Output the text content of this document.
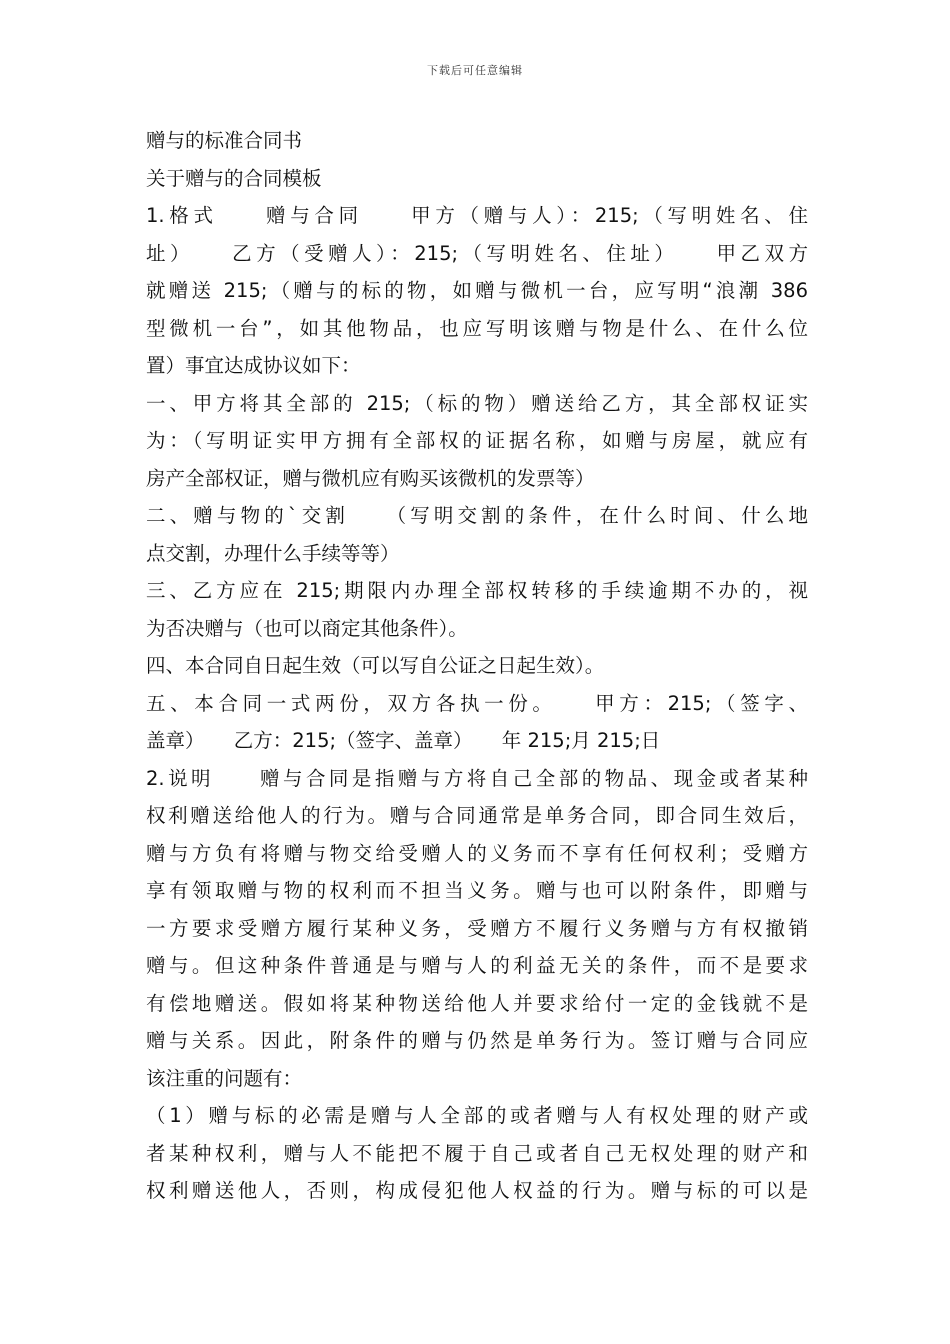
下载后可任意编辑
赠与的标准合同书
关于赠与的合同模板
1.格式　　赠与合同　　甲方（赠与人）：215;（写明姓名、住
址）　　乙方（受赠人）：215;（写明姓名、住址）　　甲乙双方
就赠送 215;（赠与的标的物，如赠与微机一台，应写明“浪潮 386
型微机一台”，如其他物品，也应写明该赠与物是什么、在什么位
置）事宜达成协议如下：
一、甲方将其全部的 215;（标的物）赠送给乙方，其全部权证实
为：（写明证实甲方拥有全部权的证据名称，如赠与房屋，就应有
房产全部权证，赠与微机应有购买该微机的发票等）
二、赠与物的`交割　　（写明交割的条件，在什么时间、什么地
点交割，办理什么手续等等）
三、乙方应在 215;期限内办理全部权转移的手续逾期不办的，视
为否决赠与（也可以商定其他条件）。
四、本合同自日起生效（可以写自公证之日起生效）。
五、本合同一式两份，双方各执一份。　　甲方：215;（签字、
盖章）　　乙方：215;（签字、盖章）　　年 215;月 215;日
2.说明　　赠与合同是指赠与方将自己全部的物品、现金或者某种
权利赠送给他人的行为。赠与合同通常是单务合同，即合同生效后，
赠与方负有将赠与物交给受赠人的义务而不享有任何权利；受赠方
享有领取赠与物的权利而不担当义务。赠与也可以附条件，即赠与
一方要求受赠方履行某种义务，受赠方不履行义务赠与方有权撤销
赠与。但这种条件普通是与赠与人的利益无关的条件，而不是要求
有偿地赠送。假如将某种物送给他人并要求给付一定的金钱就不是
赠与关系。因此，附条件的赠与仍然是单务行为。签订赠与合同应
该注重的问题有：
（1）赠与标的必需是赠与人全部的或者赠与人有权处理的财产或
者某种权利，赠与人不能把不履于自己或者自己无权处理的财产和
权利赠送他人，否则，构成侵犯他人权益的行为。赠与标的可以是
